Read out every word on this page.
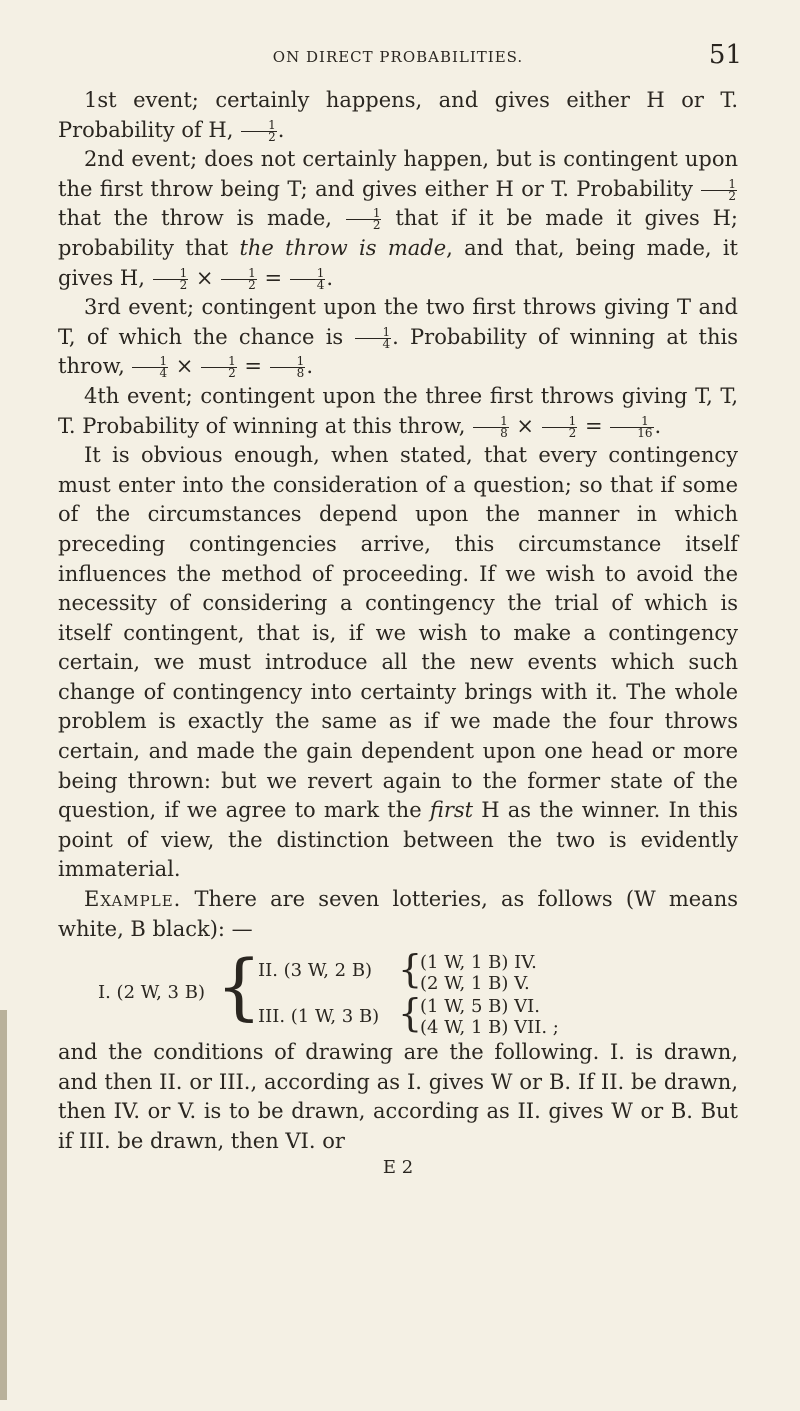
ON DIRECT PROBABILITIES.	51

1st event; certainly happens, and gives either H or T. Probability of H, $\frac{1}{2}$ .

2nd event; does not certainly happen, but is contingent upon the first throw being T; and gives either H or T. Probability $\frac{1}{2}$
that the throw is made, $\frac{1}{2}$ that if it be made it gives H; probability that the throw is made, and that, being made, it gives H, $\frac{1}{2} \times \frac{1}{2} = \frac{1}{4}$ .

3rd event; contingent upon the two first throws giving T and T, of which the chance is $\frac{1}{4}$ . Probability of winning at this throw, $\frac{1}{4} \times \frac{1}{2} = \frac{1}{8}$ .

4th event; contingent upon the three first throws giving T, T, T. Probability of winning at this throw, $\frac{1}{8} \times \frac{1}{2} = \frac{1}{16}$ .

It is obvious enough, when stated, that every contingency must enter into the consideration of a question; so that if some of the circumstances depend upon the manner in which preceding contingencies arrive, this circumstance itself influences the method of proceeding. If we wish to avoid the necessity of considering a contingency the trial of which is itself contingent, that is, if we wish to make a contingency certain, we must introduce all the new events which such change of contingency into certainty brings with it. The whole problem is exactly the same as if we made the four throws certain, and made the gain dependent upon one head or more being thrown: but we revert again to the former state of the question, if we agree to mark the first H as the winner. In this point of view, the distinction between the two is evidently immaterial.

Example. There are seven lotteries, as follows (W means white, B black): —

I. (2 W, 3 B) {
II. (3 W, 2 B)
III. (1 W, 3 B)
{
{
(1 W, 1 B) IV.
(2 W, 1 B) V.
(1 W, 5 B) VI.
(4 W, 1 B) VII. ;

and the conditions of drawing are the following. I. is drawn, and then II. or III., according as I. gives W or B. If II. be drawn, then IV. or V. is to be drawn, according as II. gives W or B. But if III. be drawn, then VI. or

E 2
